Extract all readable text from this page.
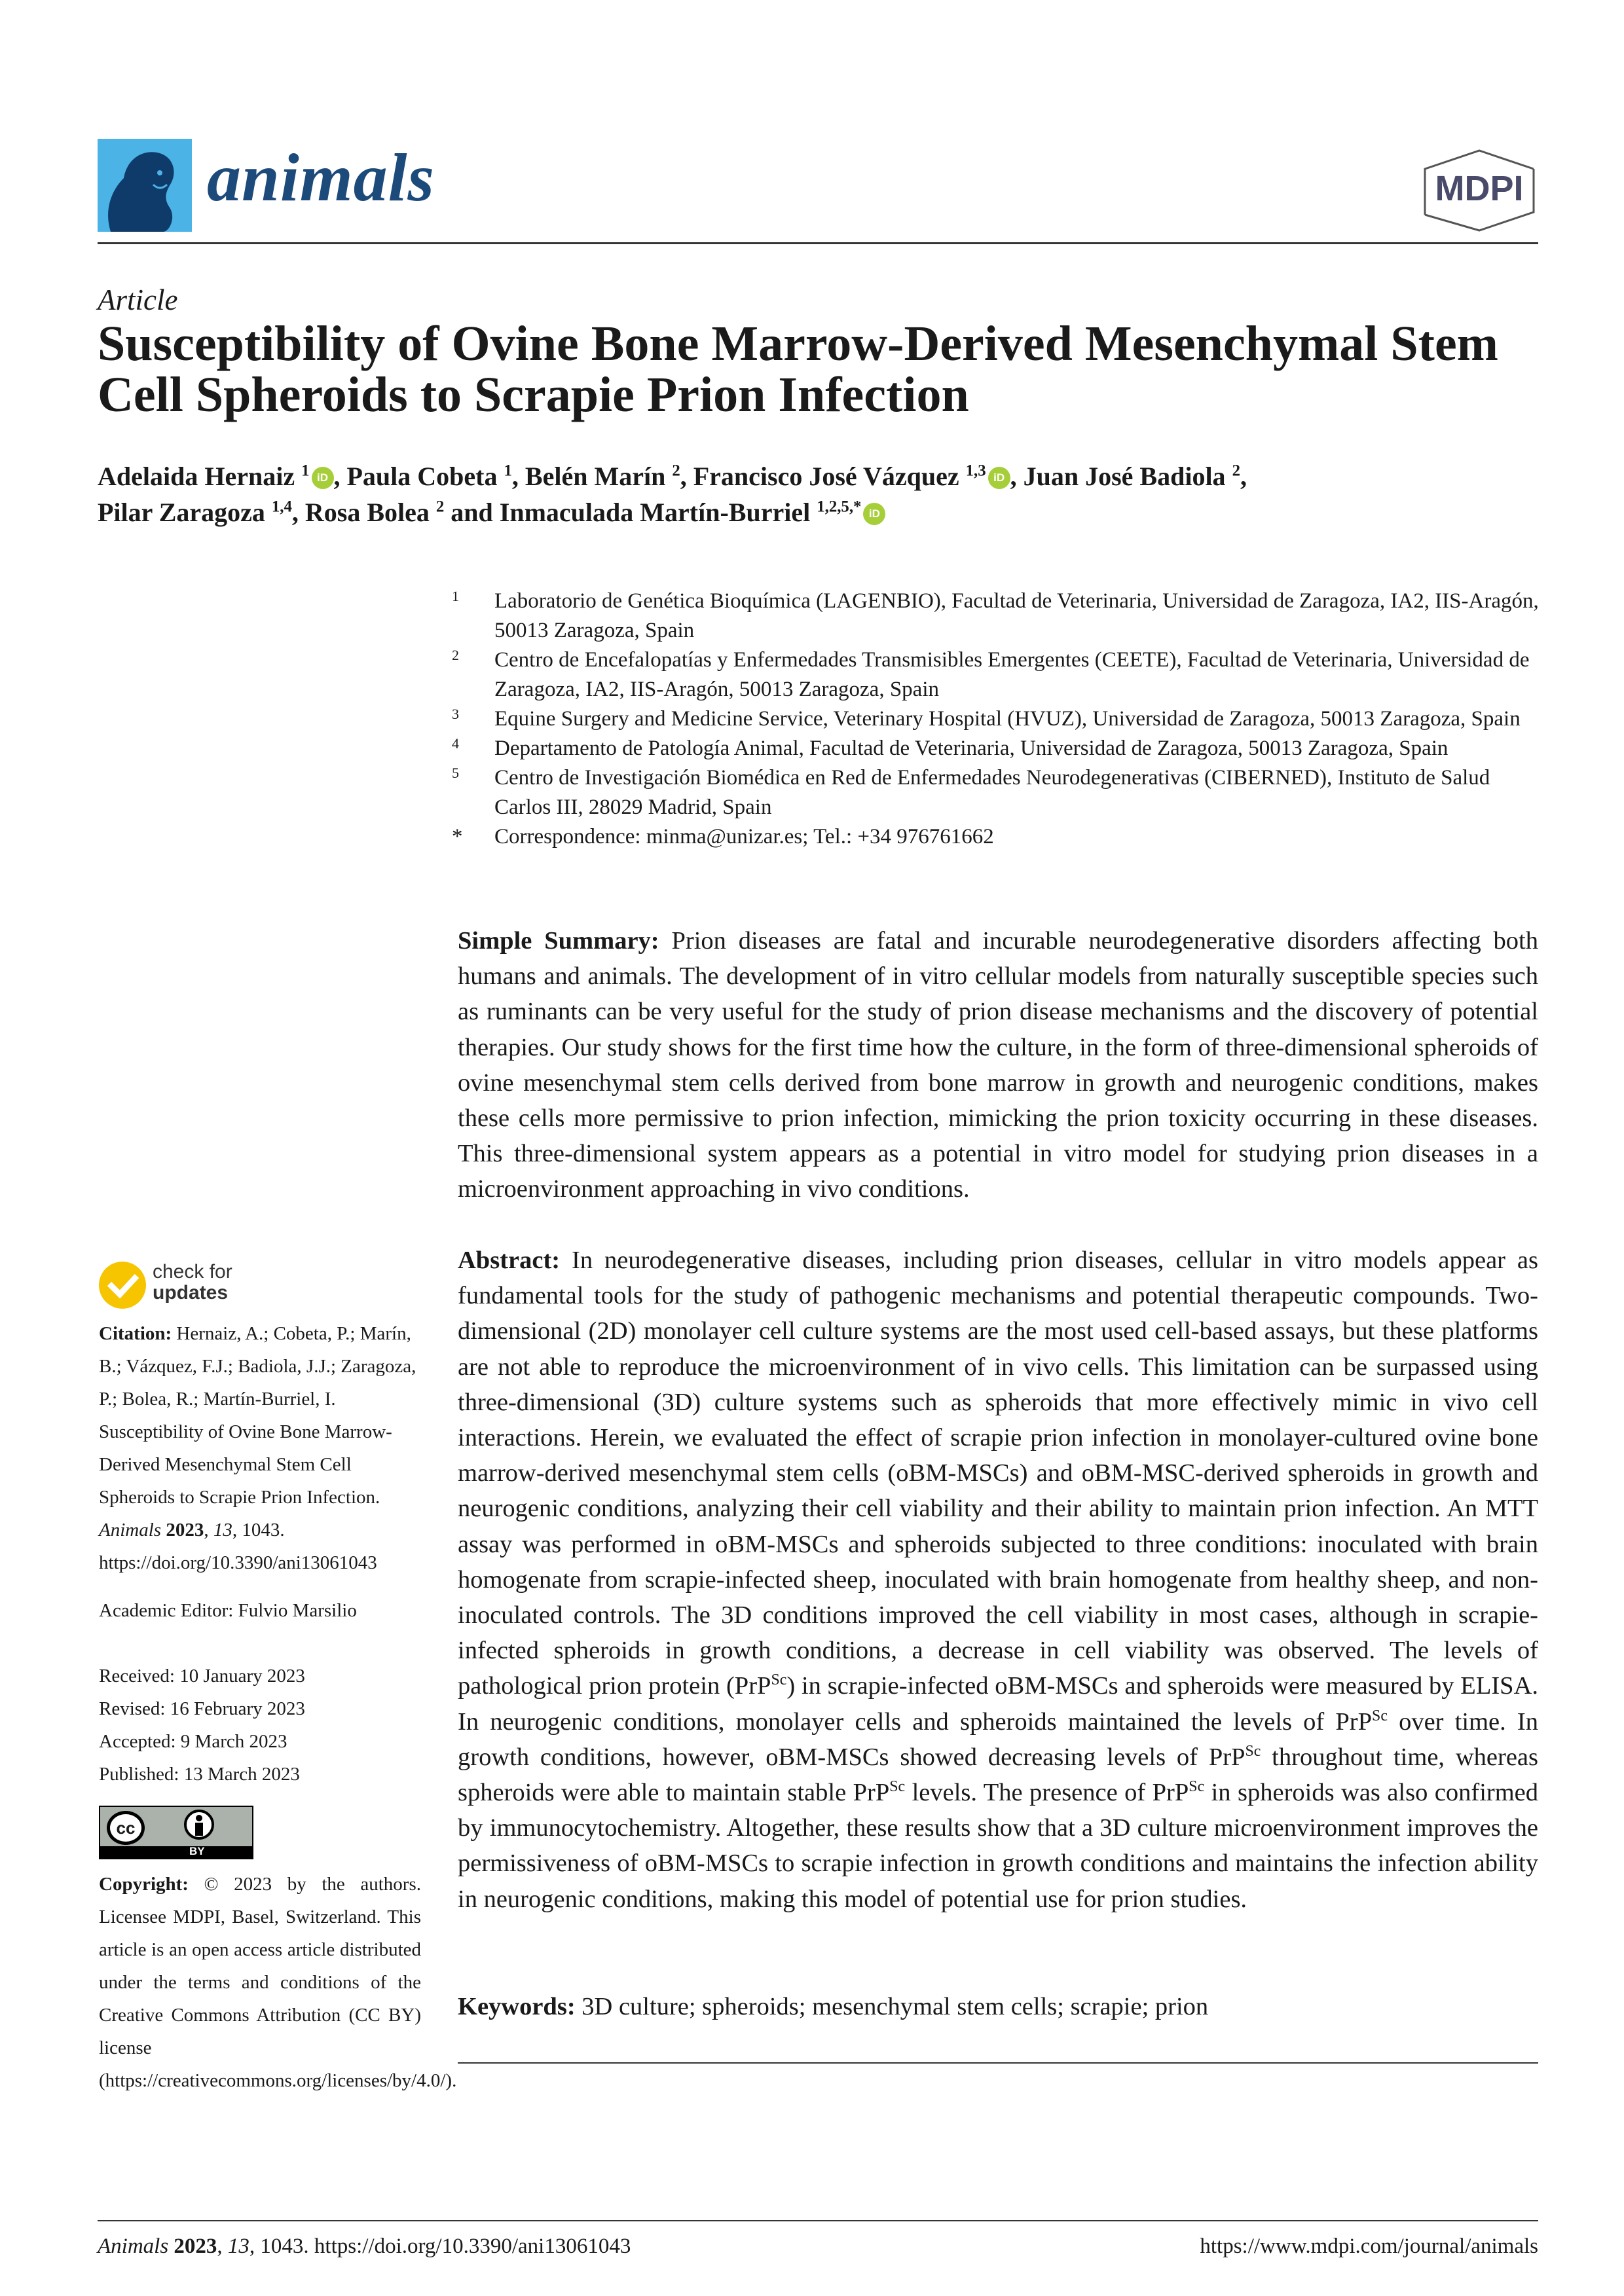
animals	MDPI
Article
Susceptibility of Ovine Bone Marrow-Derived Mesenchymal Stem Cell Spheroids to Scrapie Prion Infection
Adelaida Hernaiz $^1$ iD , Paula Cobeta $^1$, Belén Marín $^2$, Francisco José Vázquez $^{1,3}$ iD , Juan José Badiola $^2$,
Pilar Zaragoza $^{1,4}$, Rosa Bolea $^2$ and Inmaculada Martín-Burriel $^{1,2,5,*}$ iD
1	Laboratorio de Genética Bioquímica (LAGENBIO), Facultad de Veterinaria, Universidad de Zaragoza, IA2, IIS-Aragón, 50013 Zaragoza, Spain
2	Centro de Encefalopatías y Enfermedades Transmisibles Emergentes (CEETE), Facultad de Veterinaria, Universidad de Zaragoza, IA2, IIS-Aragón, 50013 Zaragoza, Spain
3	Equine Surgery and Medicine Service, Veterinary Hospital (HVUZ), Universidad de Zaragoza, 50013 Zaragoza, Spain
4	Departamento de Patología Animal, Facultad de Veterinaria, Universidad de Zaragoza, 50013 Zaragoza, Spain
5	Centro de Investigación Biomédica en Red de Enfermedades Neurodegenerativas (CIBERNED), Instituto de Salud Carlos III, 28029 Madrid, Spain
*	Correspondence: minma@unizar.es; Tel.: +34 976761662
Simple Summary: Prion diseases are fatal and incurable neurodegenerative disorders affecting both humans and animals. The development of in vitro cellular models from naturally susceptible species such as ruminants can be very useful for the study of prion disease mechanisms and the discovery of potential therapies. Our study shows for the first time how the culture, in the form of three-dimensional spheroids of ovine mesenchymal stem cells derived from bone marrow in growth and neurogenic conditions, makes these cells more permissive to prion infection, mimicking the prion toxicity occurring in these diseases. This three-dimensional system appears as a potential in vitro model for studying prion diseases in a microenvironment approaching in vivo conditions.
Abstract: In neurodegenerative diseases, including prion diseases, cellular in vitro models appear as fundamental tools for the study of pathogenic mechanisms and potential therapeutic compounds. Two-dimensional (2D) monolayer cell culture systems are the most used cell-based assays, but these platforms are not able to reproduce the microenvironment of in vivo cells. This limitation can be surpassed using three-dimensional (3D) culture systems such as spheroids that more effectively mimic in vivo cell interactions. Herein, we evaluated the effect of scrapie prion infection in monolayer-cultured ovine bone marrow-derived mesenchymal stem cells (oBM-MSCs) and oBM-MSC-derived spheroids in growth and neurogenic conditions, analyzing their cell viability and their ability to maintain prion infection. An MTT assay was performed in oBM-MSCs and spheroids subjected to three conditions: inoculated with brain homogenate from scrapie-infected sheep, inoculated with brain homogenate from healthy sheep, and non-inoculated controls. The 3D conditions improved the cell viability in most cases, although in scrapie-infected spheroids in growth conditions, a decrease in cell viability was observed. The levels of pathological prion protein (PrP$^{Sc}$) in scrapie-infected oBM-MSCs and spheroids were measured by ELISA. In neurogenic conditions, monolayer cells and spheroids maintained the levels of PrP$^{Sc}$ over time. In growth conditions, however, oBM-MSCs showed decreasing levels of PrP$^{Sc}$ throughout time, whereas spheroids were able to maintain stable PrP$^{Sc}$ levels. The presence of PrP$^{Sc}$ in spheroids was also confirmed by immunocytochemistry. Altogether, these results show that a 3D culture microenvironment improves the permissiveness of oBM-MSCs to scrapie infection in growth conditions and maintains the infection ability in neurogenic conditions, making this model of potential use for prion studies.
Keywords: 3D culture; spheroids; mesenchymal stem cells; scrapie; prion
check for
updates
Citation: Hernaiz, A.; Cobeta, P.; Marín, B.; Vázquez, F.J.; Badiola, J.J.; Zaragoza, P.; Bolea, R.; Martín-Burriel, I. Susceptibility of Ovine Bone Marrow-Derived Mesenchymal Stem Cell Spheroids to Scrapie Prion Infection. Animals 2023, 13, 1043. https://doi.org/10.3390/ani13061043
Academic Editor: Fulvio Marsilio
Received: 10 January 2023
Revised: 16 February 2023
Accepted: 9 March 2023
Published: 13 March 2023
cc
BY
Copyright: © 2023 by the authors. Licensee MDPI, Basel, Switzerland. This article is an open access article distributed under the terms and conditions of the Creative Commons Attribution (CC BY) license (https://creativecommons.org/licenses/by/4.0/).
Animals 2023, 13, 1043. https://doi.org/10.3390/ani13061043	https://www.mdpi.com/journal/animals
